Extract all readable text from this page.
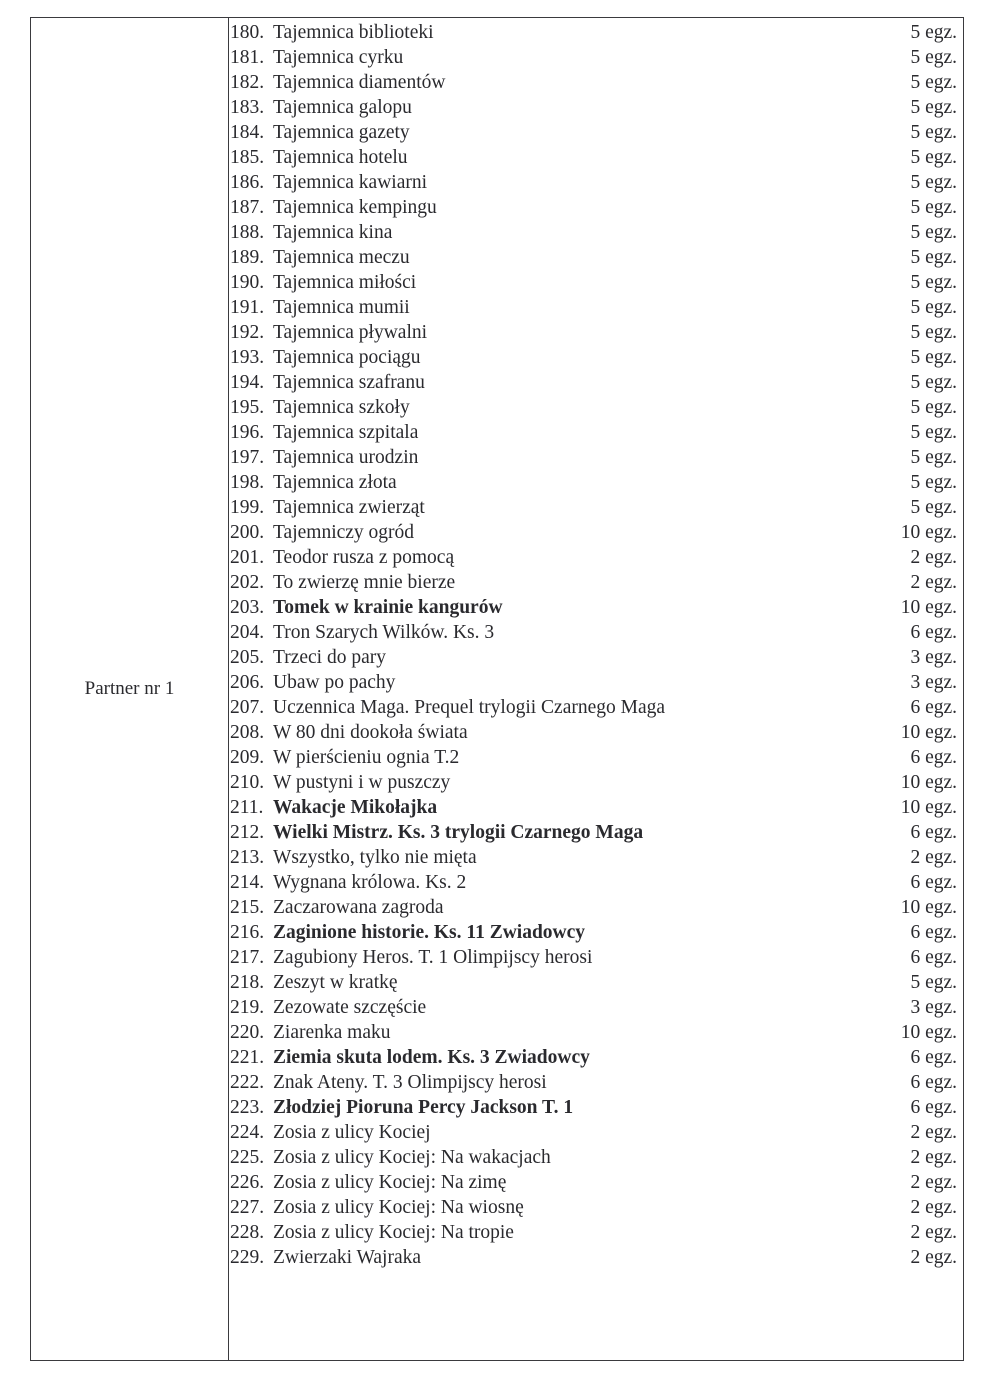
Partner nr 1
180. Tajemnica biblioteki	5 egz.
181. Tajemnica cyrku	5 egz.
182. Tajemnica diamentów	5 egz.
183. Tajemnica galopu	5 egz.
184. Tajemnica gazety	5 egz.
185. Tajemnica hotelu	5 egz.
186. Tajemnica kawiarni	5 egz.
187. Tajemnica kempingu	5 egz.
188. Tajemnica kina	5 egz.
189. Tajemnica meczu	5 egz.
190. Tajemnica miłości	5 egz.
191. Tajemnica mumii	5 egz.
192. Tajemnica pływalni	5 egz.
193. Tajemnica pociągu	5 egz.
194. Tajemnica szafranu	5 egz.
195. Tajemnica szkoły	5 egz.
196. Tajemnica szpitala	5 egz.
197. Tajemnica urodzin	5 egz.
198. Tajemnica złota	5 egz.
199. Tajemnica zwierząt	5 egz.
200. Tajemniczy ogród	10 egz.
201. Teodor rusza z pomocą	2 egz.
202. To zwierzę mnie bierze	2 egz.
203. Tomek w krainie kangurów	10 egz.
204. Tron Szarych Wilków. Ks. 3	6 egz.
205. Trzeci do pary	3 egz.
206. Ubaw po pachy	3 egz.
207. Uczennica Maga. Prequel trylogii Czarnego Maga	6 egz.
208. W 80 dni dookoła świata	10 egz.
209. W pierścieniu ognia T.2	6 egz.
210. W pustyni i w puszczy	10 egz.
211. Wakacje Mikołajka	10 egz.
212. Wielki Mistrz. Ks. 3 trylogii Czarnego Maga	6 egz.
213. Wszystko, tylko nie mięta	2 egz.
214. Wygnana królowa. Ks. 2	6 egz.
215. Zaczarowana zagroda	10 egz.
216. Zaginione historie. Ks. 11 Zwiadowcy	6 egz.
217. Zagubiony Heros. T. 1 Olimpijscy herosi	6 egz.
218. Zeszyt w kratkę	5 egz.
219. Zezowate szczęście	3 egz.
220. Ziarenka maku	10 egz.
221. Ziemia skuta lodem. Ks. 3 Zwiadowcy	6 egz.
222. Znak Ateny. T. 3 Olimpijscy herosi	6 egz.
223. Złodziej Pioruna Percy Jackson T. 1	6 egz.
224. Zosia z ulicy Kociej	2 egz.
225. Zosia z ulicy Kociej: Na wakacjach	2 egz.
226. Zosia z ulicy Kociej: Na zimę	2 egz.
227. Zosia z ulicy Kociej: Na wiosnę	2 egz.
228. Zosia z ulicy Kociej: Na tropie	2 egz.
229. Zwierzaki Wajraka	2 egz.
